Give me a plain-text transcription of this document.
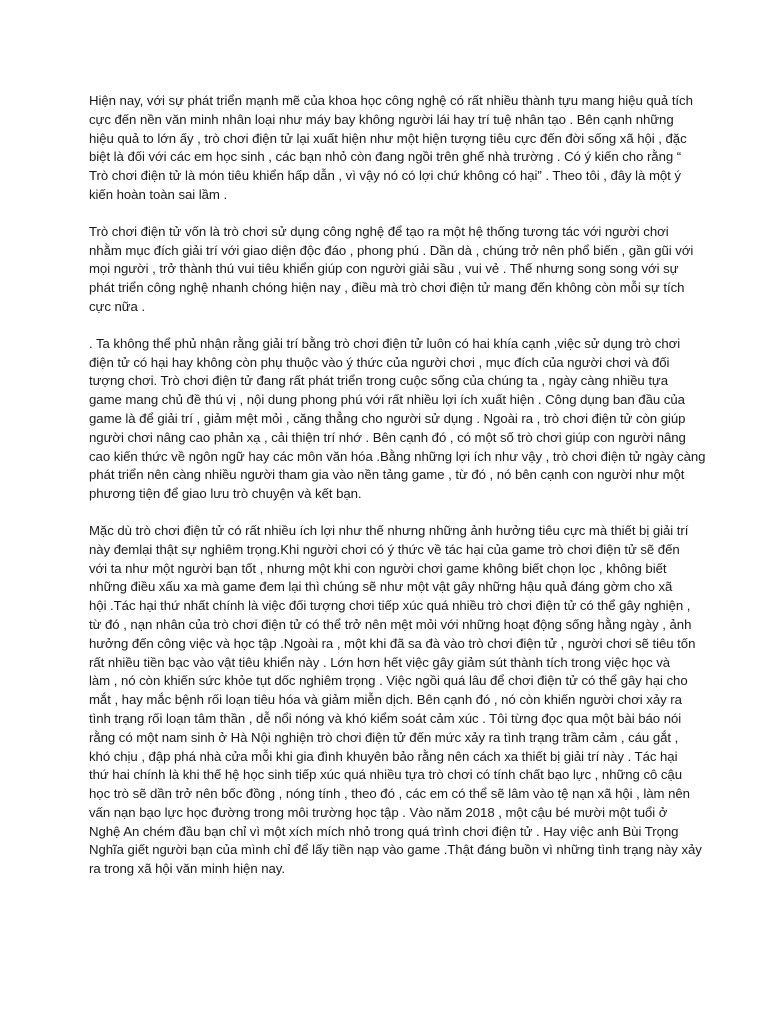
Hiện nay, với sự phát triển mạnh mẽ của khoa học công nghệ có rất nhiều thành tựu mang hiệu quả tích
cực đến nền văn minh nhân loại như máy bay không người lái hay trí tuệ nhân tạo . Bên cạnh những
hiệu quả to lớn ấy , trò chơi điện tử lại xuất hiện như một hiện tượng tiêu cực đến đời sống xã hội , đặc
biệt là đối với các em học sinh , các bạn nhỏ còn đang ngồi trên ghế nhà trường . Có ý kiến cho rằng “
Trò chơi điện tử là món tiêu khiển hấp dẫn , vì vậy nó có lợi chứ không có hại” . Theo tôi , đây là một ý
kiến hoàn toàn sai lầm .

Trò chơi điện tử vốn là trò chơi sử dụng công nghệ để tạo ra một hệ thống tương tác với người chơi
nhằm mục đích giải trí với giao diện độc đáo , phong phú . Dần dà , chúng trở nên phổ biến , gần gũi với
mọi người , trở thành thú vui tiêu khiển giúp con người giải sầu , vui vẻ . Thế nhưng song song với sự
phát triển công nghệ nhanh chóng hiện nay , điều mà trò chơi điện tử mang đến không còn mỗi sự tích
cực nữa .

. Ta không thể phủ nhận rằng giải trí bằng trò chơi điện tử luôn có hai khía cạnh ,việc sử dụng trò chơi
điện tử có hại hay không còn phụ thuộc vào ý thức của người chơi , mục đích của người chơi và đối
tượng chơi. Trò chơi điện tử đang rất phát triển trong cuộc sống của chúng ta , ngày càng nhiều tựa
game mang chủ đề thú vị , nội dung phong phú với rất nhiều lợi ích xuất hiện . Công dụng ban đầu của
game là để giải trí , giảm mệt mỏi , căng thẳng cho người sử dụng . Ngoài ra , trò chơi điện tử còn giúp
người chơi nâng cao phản xạ , cải thiện trí nhớ . Bên cạnh đó , có một số trò chơi giúp con người nâng
cao kiến thức về ngôn ngữ hay các môn văn hóa .Bằng những lợi ích như vậy , trò chơi điện tử ngày càng
phát triển nên càng nhiều người tham gia vào nền tảng game , từ đó , nó bên cạnh con người như một
phương tiện để giao lưu trò chuyện và kết bạn.

Mặc dù trò chơi điện tử có rất nhiều ích lợi như thế nhưng những ảnh hưởng tiêu cực mà thiết bị giải trí
này đemlại thật sự nghiêm trọng.Khi người chơi có ý thức về tác hại của game trò chơi điện tử sẽ đến
với ta như một người bạn tốt , nhưng một khi con người chơi game không biết chọn lọc , không biết
những điều xấu xa mà game đem lại thì chúng sẽ như một vật gây những hậu quả đáng gờm cho xã
hội .Tác hại thứ nhất chính là việc đối tượng chơi tiếp xúc quá nhiều trò chơi điện tử có thể gây nghiện ,
từ đó , nạn nhân của trò chơi điện tử có thể trở nên mệt mỏi với những hoạt động sống hằng ngày , ảnh
hưởng đến công việc và học tập .Ngoài ra , một khi đã sa đà vào trò chơi điện tử , người chơi sẽ tiêu tốn
rất nhiều tiền bạc vào vật tiêu khiển này . Lớn hơn hết việc gây giảm sút thành tích trong việc học và
làm , nó còn khiến sức khỏe tụt dốc nghiêm trọng . Việc ngồi quá lâu để chơi điện tử có thể gây hại cho
mắt , hay mắc bệnh rối loạn tiêu hóa và giảm miễn dịch. Bên cạnh đó , nó còn khiến người chơi xảy ra
tình trạng rối loạn tâm thần , dễ nổi nóng và khó kiểm soát cảm xúc . Tôi từng đọc qua một bài báo nói
rằng có một nam sinh ở Hà Nội nghiện trò chơi điện tử đến mức xảy ra tình trạng trầm cảm , cáu gắt ,
khó chịu , đập phá nhà cửa mỗi khi gia đình khuyên bảo rằng nên cách xa thiết bị giải trí này . Tác hại
thứ hai chính là khi thế hệ học sinh tiếp xúc quá nhiều tựa trò chơi có tính chất bạo lực , những cô cậu
học trò sẽ dần trở nên bốc đồng , nóng tính , theo đó , các em có thể sẽ lâm vào tệ nạn xã hội , làm nên
vấn nạn bạo lực học đường trong môi trường học tập . Vào năm 2018 , một cậu bé mười một tuổi ở
Nghệ An chém đầu bạn chỉ vì một xích mích nhỏ trong quá trình chơi điện tử . Hay việc anh Bùi Trọng
Nghĩa giết người bạn của mình chỉ để lấy tiền nạp vào game .Thật đáng buồn vì những tình trạng này xảy
ra trong xã hội văn minh hiện nay.
